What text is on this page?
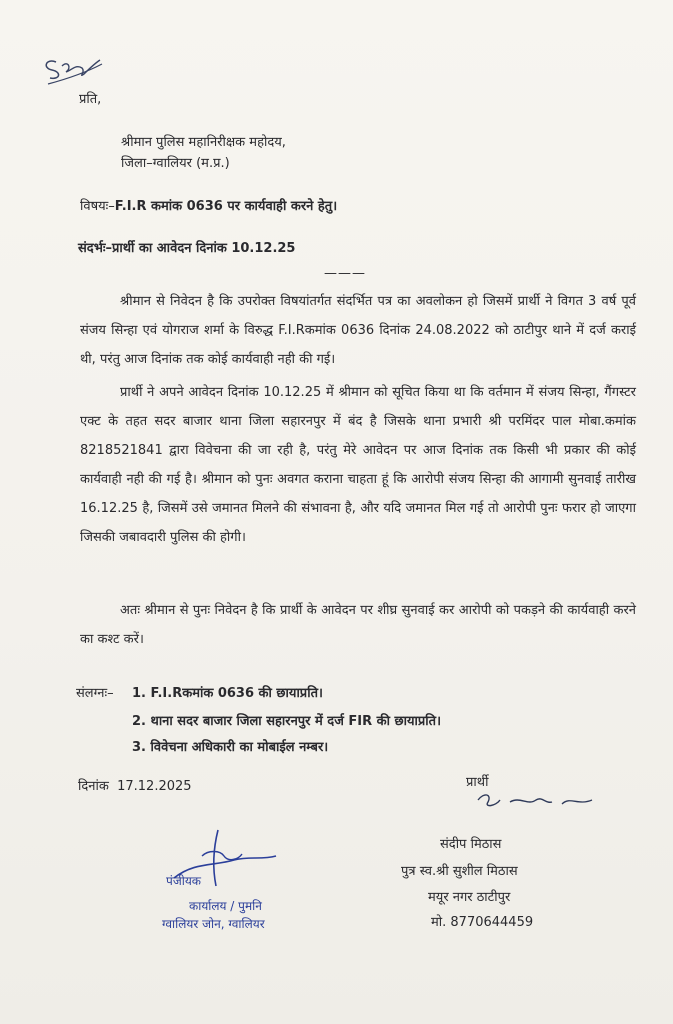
प्रति,
श्रीमान पुलिस महानिरीक्षक महोदय,
जिला–ग्वालियर (म.प्र.)
विषयः–F.I.R कमांक 0636 पर कार्यवाही करने हेतु।
संदर्भः–प्रार्थी का आवेदन दिनांक 10.12.25
———

श्रीमान से निवेदन है कि उपरोक्त विषयांतर्गत संदर्भित पत्र का अवलोकन हो जिसमें प्रार्थी ने विगत 3 वर्ष पूर्व संजय सिन्हा एवं योगराज शर्मा के विरुद्ध F.I.Rकमांक 0636 दिनांक 24.08.2022 को ठाटीपुर थाने में दर्ज कराई थी, परंतु आज दिनांक तक कोई कार्यवाही नही की गई।

प्रार्थी ने अपने आवेदन दिनांक 10.12.25 में श्रीमान को सूचित किया था कि वर्तमान में संजय सिन्हा, गैंगस्टर एक्ट के तहत सदर बाजार थाना जिला सहारनपुर में बंद है जिसके थाना प्रभारी श्री परमिंदर पाल मोबा.कमांक 8218521841 द्वारा विवेचना की जा रही है, परंतु मेरे आवेदन पर आज दिनांक तक किसी भी प्रकार की कोई कार्यवाही नही की गई है। श्रीमान को पुनः अवगत कराना चाहता हूं कि आरोपी संजय सिन्हा की आगामी सुनवाई तारीख 16.12.25 है, जिसमें उसे जमानत मिलने की संभावना है, और यदि जमानत मिल गई तो आरोपी पुनः फरार हो जाएगा जिसकी जबावदारी पुलिस की होगी।

अतः श्रीमान से पुनः निवेदन है कि प्रार्थी के आवेदन पर शीघ्र सुनवाई कर आरोपी को पकड़ने की कार्यवाही करने का कश्ट करें।

संलग्नः– 1. F.I.Rकमांक 0636 की छायाप्रति।
2. थाना सदर बाजार जिला सहारनपुर में दर्ज FIR की छायाप्रति।
3. विवेचना अधिकारी का मोबाईल नम्बर।
दिनांक 17.12.2025	प्रार्थी
संदीप मिठास
पुत्र स्व.श्री सुशील मिठास
मयूर नगर ठाटीपुर
मो. 8770644459
पंजीयक
कार्यालय / पुमनि
ग्वालियर जोन, ग्वालियर
